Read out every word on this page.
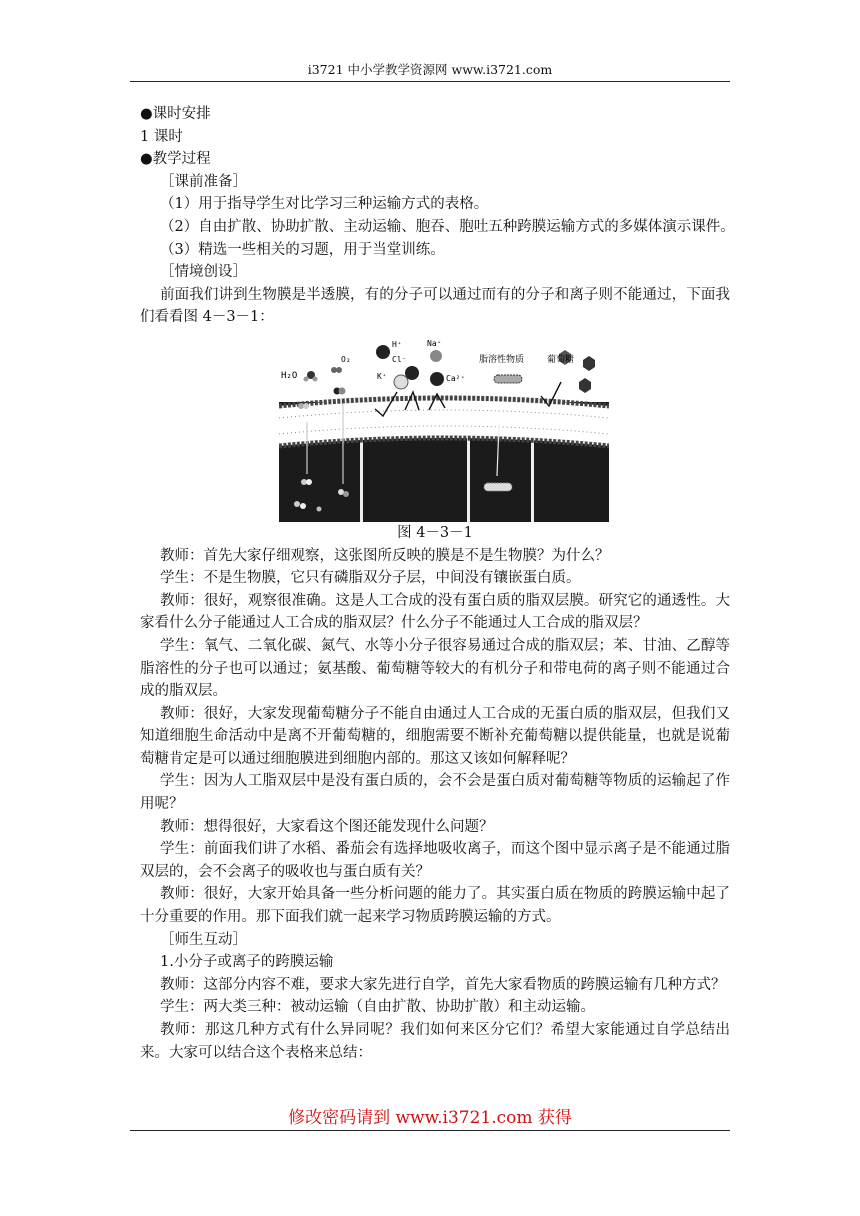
i3721 中小学教学资源网 www.i3721.com
●课时安排
1 课时
●教学过程
［课前准备］
（1）用于指导学生对比学习三种运输方式的表格。
（2）自由扩散、协助扩散、主动运输、胞吞、胞吐五种跨膜运输方式的多媒体演示课件。
（3）精选一些相关的习题，用于当堂训练。
［情境创设］
前面我们讲到生物膜是半透膜，有的分子可以通过而有的分子和离子则不能通过，下面我们看看图 4－3－1：
H₂O
O₂
H⁺
Cl⁻
Na⁺
K⁺	Ca²⁺
脂溶性物质	葡萄糖
图 4－3－1
教师：首先大家仔细观察，这张图所反映的膜是不是生物膜？为什么？
学生：不是生物膜，它只有磷脂双分子层，中间没有镶嵌蛋白质。
教师：很好，观察很准确。这是人工合成的没有蛋白质的脂双层膜。研究它的通透性。大家看什么分子能通过人工合成的脂双层？什么分子不能通过人工合成的脂双层？
学生：氧气、二氧化碳、氮气、水等小分子很容易通过合成的脂双层；苯、甘油、乙醇等脂溶性的分子也可以通过；氨基酸、葡萄糖等较大的有机分子和带电荷的离子则不能通过合成的脂双层。
教师：很好，大家发现葡萄糖分子不能自由通过人工合成的无蛋白质的脂双层，但我们又知道细胞生命活动中是离不开葡萄糖的，细胞需要不断补充葡萄糖以提供能量，也就是说葡萄糖肯定是可以通过细胞膜进到细胞内部的。那这又该如何解释呢？
学生：因为人工脂双层中是没有蛋白质的，会不会是蛋白质对葡萄糖等物质的运输起了作用呢？
教师：想得很好，大家看这个图还能发现什么问题？
学生：前面我们讲了水稻、番茄会有选择地吸收离子，而这个图中显示离子是不能通过脂双层的，会不会离子的吸收也与蛋白质有关？
教师：很好，大家开始具备一些分析问题的能力了。其实蛋白质在物质的跨膜运输中起了十分重要的作用。那下面我们就一起来学习物质跨膜运输的方式。
［师生互动］
1.小分子或离子的跨膜运输
教师：这部分内容不难，要求大家先进行自学，首先大家看物质的跨膜运输有几种方式？
学生：两大类三种：被动运输（自由扩散、协助扩散）和主动运输。
教师：那这几种方式有什么异同呢？我们如何来区分它们？希望大家能通过自学总结出来。大家可以结合这个表格来总结：
修改密码请到 www.i3721.com 获得
